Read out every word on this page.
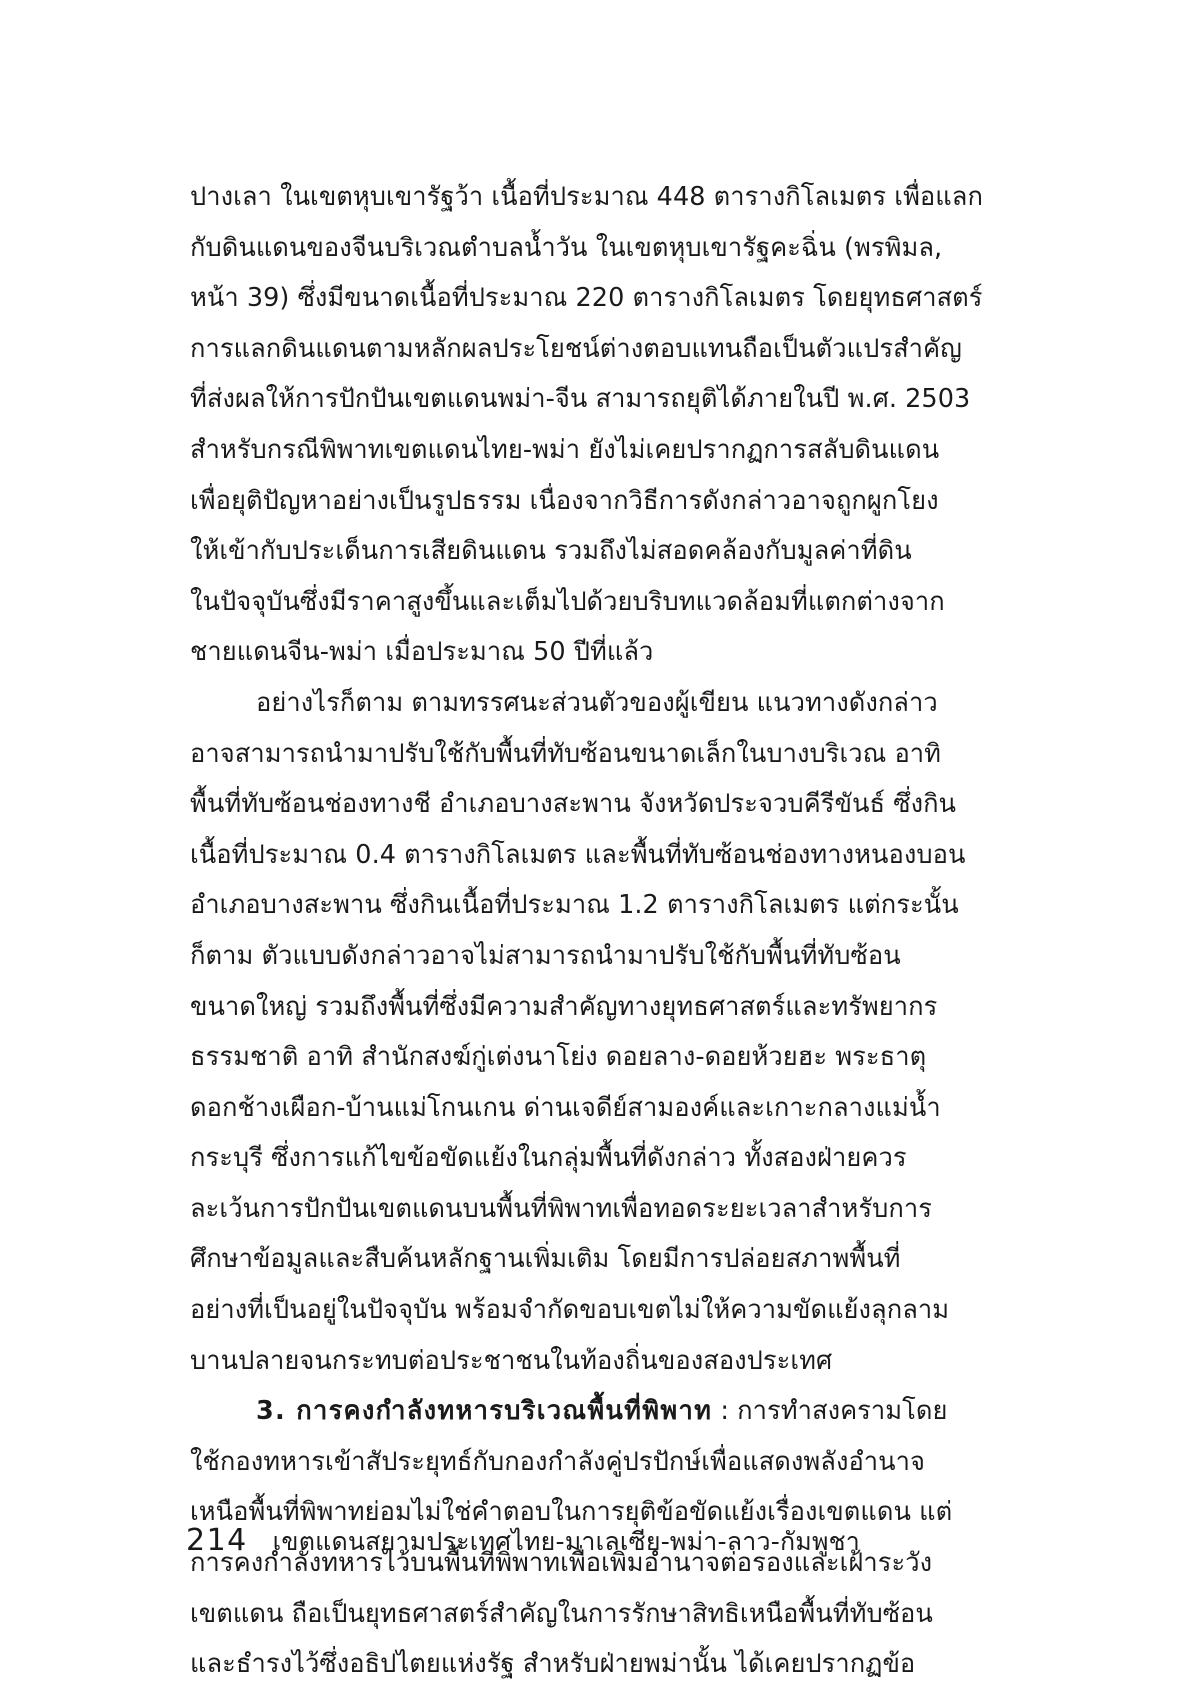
ปางเลา ในเขตหุบเขารัฐว้า เนื้อที่ประมาณ 448 ตารางกิโลเมตร เพื่อแลก
กับดินแดนของจีนบริเวณตำบลน้ำวัน ในเขตหุบเขารัฐคะฉิ่น (พรพิมล,
หน้า 39) ซึ่งมีขนาดเนื้อที่ประมาณ 220 ตารางกิโลเมตร โดยยุทธศาสตร์
การแลกดินแดนตามหลักผลประโยชน์ต่างตอบแทนถือเป็นตัวแปรสำคัญ
ที่ส่งผลให้การปักปันเขตแดนพม่า-จีน สามารถยุติได้ภายในปี พ.ศ. 2503
สำหรับกรณีพิพาทเขตแดนไทย-พม่า ยังไม่เคยปรากฏการสลับดินแดน
เพื่อยุติปัญหาอย่างเป็นรูปธรรม เนื่องจากวิธีการดังกล่าวอาจถูกผูกโยง
ให้เข้ากับประเด็นการเสียดินแดน รวมถึงไม่สอดคล้องกับมูลค่าที่ดิน
ในปัจจุบันซึ่งมีราคาสูงขึ้นและเต็มไปด้วยบริบทแวดล้อมที่แตกต่างจาก
ชายแดนจีน-พม่า เมื่อประมาณ 50 ปีที่แล้ว
อย่างไรก็ตาม ตามทรรศนะส่วนตัวของผู้เขียน แนวทางดังกล่าว
อาจสามารถนำมาปรับใช้กับพื้นที่ทับซ้อนขนาดเล็กในบางบริเวณ อาทิ
พื้นที่ทับซ้อนช่องทางชี อำเภอบางสะพาน จังหวัดประจวบคีรีขันธ์ ซึ่งกิน
เนื้อที่ประมาณ 0.4 ตารางกิโลเมตร และพื้นที่ทับซ้อนช่องทางหนองบอน
อำเภอบางสะพาน ซึ่งกินเนื้อที่ประมาณ 1.2 ตารางกิโลเมตร แต่กระนั้น
ก็ตาม ตัวแบบดังกล่าวอาจไม่สามารถนำมาปรับใช้กับพื้นที่ทับซ้อน
ขนาดใหญ่ รวมถึงพื้นที่ซึ่งมีความสำคัญทางยุทธศาสตร์และทรัพยากร
ธรรมชาติ อาทิ สำนักสงฆ์กู่เต่งนาโย่ง ดอยลาง-ดอยห้วยฮะ พระธาตุ
ดอกช้างเผือก-บ้านแม่โกนเกน ด่านเจดีย์สามองค์และเกาะกลางแม่น้ำ
กระบุรี ซึ่งการแก้ไขข้อขัดแย้งในกลุ่มพื้นที่ดังกล่าว ทั้งสองฝ่ายควร
ละเว้นการปักปันเขตแดนบนพื้นที่พิพาทเพื่อทอดระยะเวลาสำหรับการ
ศึกษาข้อมูลและสืบค้นหลักฐานเพิ่มเติม โดยมีการปล่อยสภาพพื้นที่
อย่างที่เป็นอยู่ในปัจจุบัน พร้อมจำกัดขอบเขตไม่ให้ความขัดแย้งลุกลาม
บานปลายจนกระทบต่อประชาชนในท้องถิ่นของสองประเทศ
3. การคงกำลังทหารบริเวณพื้นที่พิพาท : การทำสงครามโดย
ใช้กองทหารเข้าสัประยุทธ์กับกองกำลังคู่ปรปักษ์เพื่อแสดงพลังอำนาจ
เหนือพื้นที่พิพาทย่อมไม่ใช่คำตอบในการยุติข้อขัดแย้งเรื่องเขตแดน แต่
การคงกำลังทหารไว้บนพื้นที่พิพาทเพื่อเพิ่มอำนาจต่อรองและเฝ้าระวัง
เขตแดน ถือเป็นยุทธศาสตร์สำคัญในการรักษาสิทธิเหนือพื้นที่ทับซ้อน
และธำรงไว้ซึ่งอธิปไตยแห่งรัฐ สำหรับฝ่ายพม่านั้น ได้เคยปรากฏข้อ
214 เขตแดนสยามประเทศไทย-มาเลเซีย-พม่า-ลาว-กัมพูชา
